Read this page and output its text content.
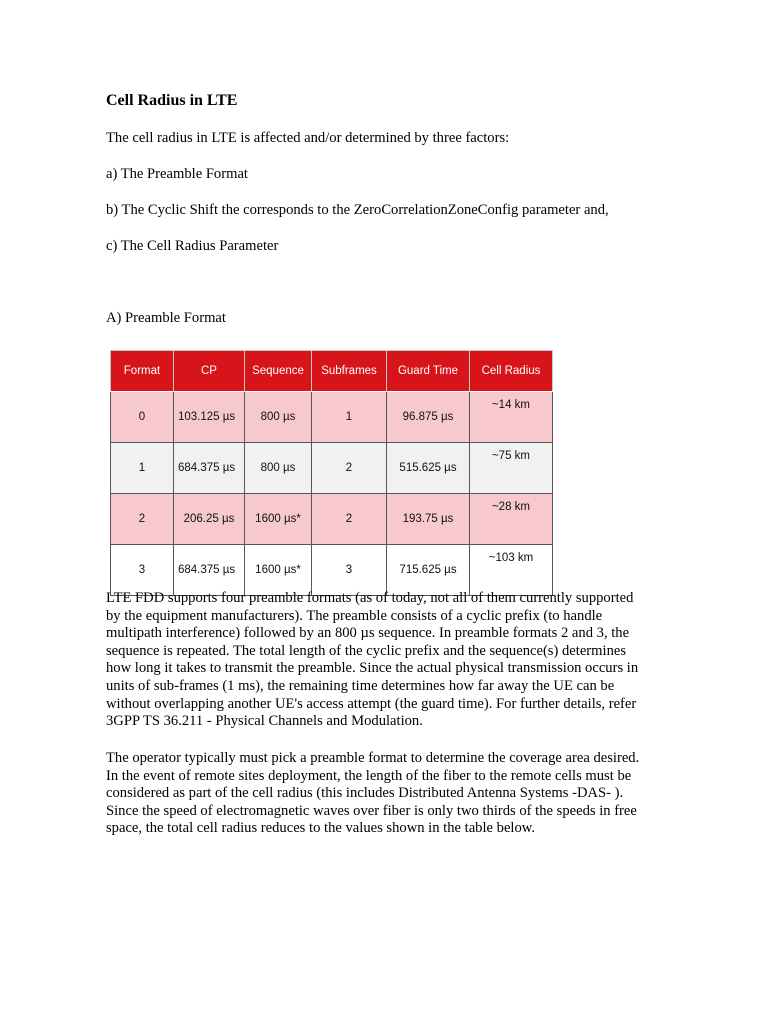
Cell Radius in LTE
The cell radius in LTE is affected and/or determined by three factors:
a) The Preamble Format
b) The Cyclic Shift the corresponds to the ZeroCorrelationZoneConfig parameter and,
c) The Cell Radius Parameter
A) Preamble Format
Format	CP	Sequence	Subframes	Guard Time	Cell Radius
0	103.125 µs	800 µs	1	96.875 µs	~14 km
1	684.375 µs	800 µs	2	515.625 µs	~75 km
2	206.25 µs	1600 µs*	2	193.75 µs	~28 km
3	684.375 µs	1600 µs*	3	715.625 µs	~103 km
LTE FDD supports four preamble formats (as of today, not all of them currently supported
by the equipment manufacturers). The preamble consists of a cyclic prefix (to handle
multipath interference) followed by an 800 µs sequence. In preamble formats 2 and 3, the
sequence is repeated. The total length of the cyclic prefix and the sequence(s) determines
how long it takes to transmit the preamble. Since the actual physical transmission occurs in
units of sub-frames (1 ms), the remaining time determines how far away the UE can be
without overlapping another UE's access attempt (the guard time). For further details, refer
3GPP TS 36.211 - Physical Channels and Modulation.
The operator typically must pick a preamble format to determine the coverage area desired.
In the event of remote sites deployment, the length of the fiber to the remote cells must be
considered as part of the cell radius (this includes Distributed Antenna Systems -DAS- ).
Since the speed of electromagnetic waves over fiber is only two thirds of the speeds in free
space, the total cell radius reduces to the values shown in the table below.
